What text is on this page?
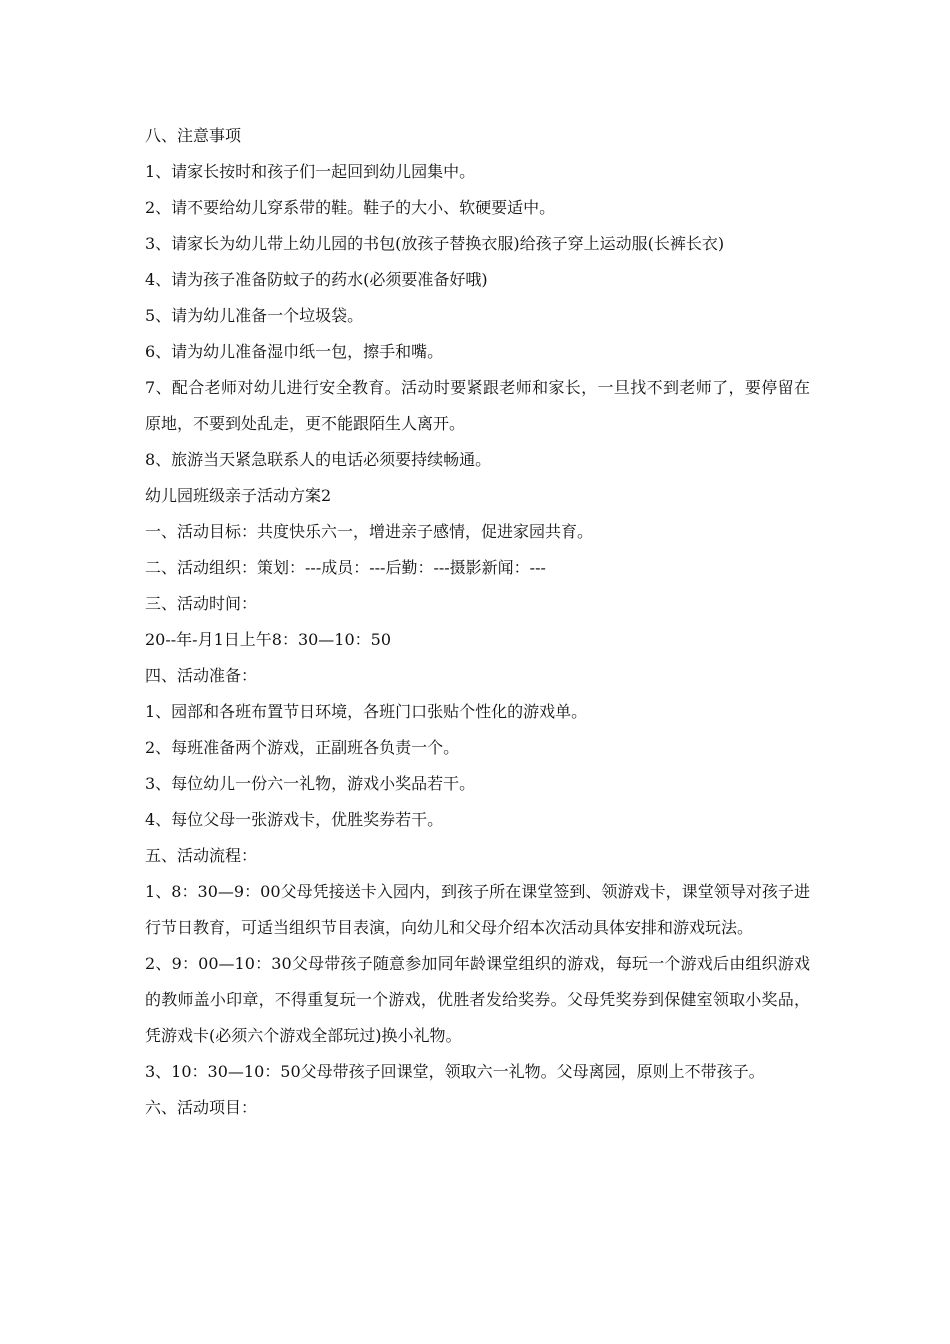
八、注意事项

1、请家长按时和孩子们一起回到幼儿园集中。

2、请不要给幼儿穿系带的鞋。鞋子的大小、软硬要适中。

3、请家长为幼儿带上幼儿园的书包(放孩子替换衣服)给孩子穿上运动服(长裤长衣)

4、请为孩子准备防蚊子的药水(必须要准备好哦)

5、请为幼儿准备一个垃圾袋。

6、请为幼儿准备湿巾纸一包，擦手和嘴。

7、配合老师对幼儿进行安全教育。活动时要紧跟老师和家长，一旦找不到老师了，要停留在原地，不要到处乱走，更不能跟陌生人离开。

8、旅游当天紧急联系人的电话必须要持续畅通。

幼儿园班级亲子活动方案2

一、活动目标：共度快乐六一，增进亲子感情，促进家园共育。

二、活动组织：策划：---成员：---后勤：---摄影新闻：---

三、活动时间：

20--年-月1日上午8：30—10：50

四、活动准备：

1、园部和各班布置节日环境，各班门口张贴个性化的游戏单。

2、每班准备两个游戏，正副班各负责一个。

3、每位幼儿一份六一礼物，游戏小奖品若干。

4、每位父母一张游戏卡，优胜奖券若干。

五、活动流程：

1、8：30—9：00父母凭接送卡入园内，到孩子所在课堂签到、领游戏卡，课堂领导对孩子进行节日教育，可适当组织节目表演，向幼儿和父母介绍本次活动具体安排和游戏玩法。

2、9：00—10：30父母带孩子随意参加同年龄课堂组织的游戏，每玩一个游戏后由组织游戏的教师盖小印章，不得重复玩一个游戏，优胜者发给奖券。父母凭奖券到保健室领取小奖品，凭游戏卡(必须六个游戏全部玩过)换小礼物。

3、10：30—10：50父母带孩子回课堂，领取六一礼物。父母离园，原则上不带孩子。

六、活动项目：
